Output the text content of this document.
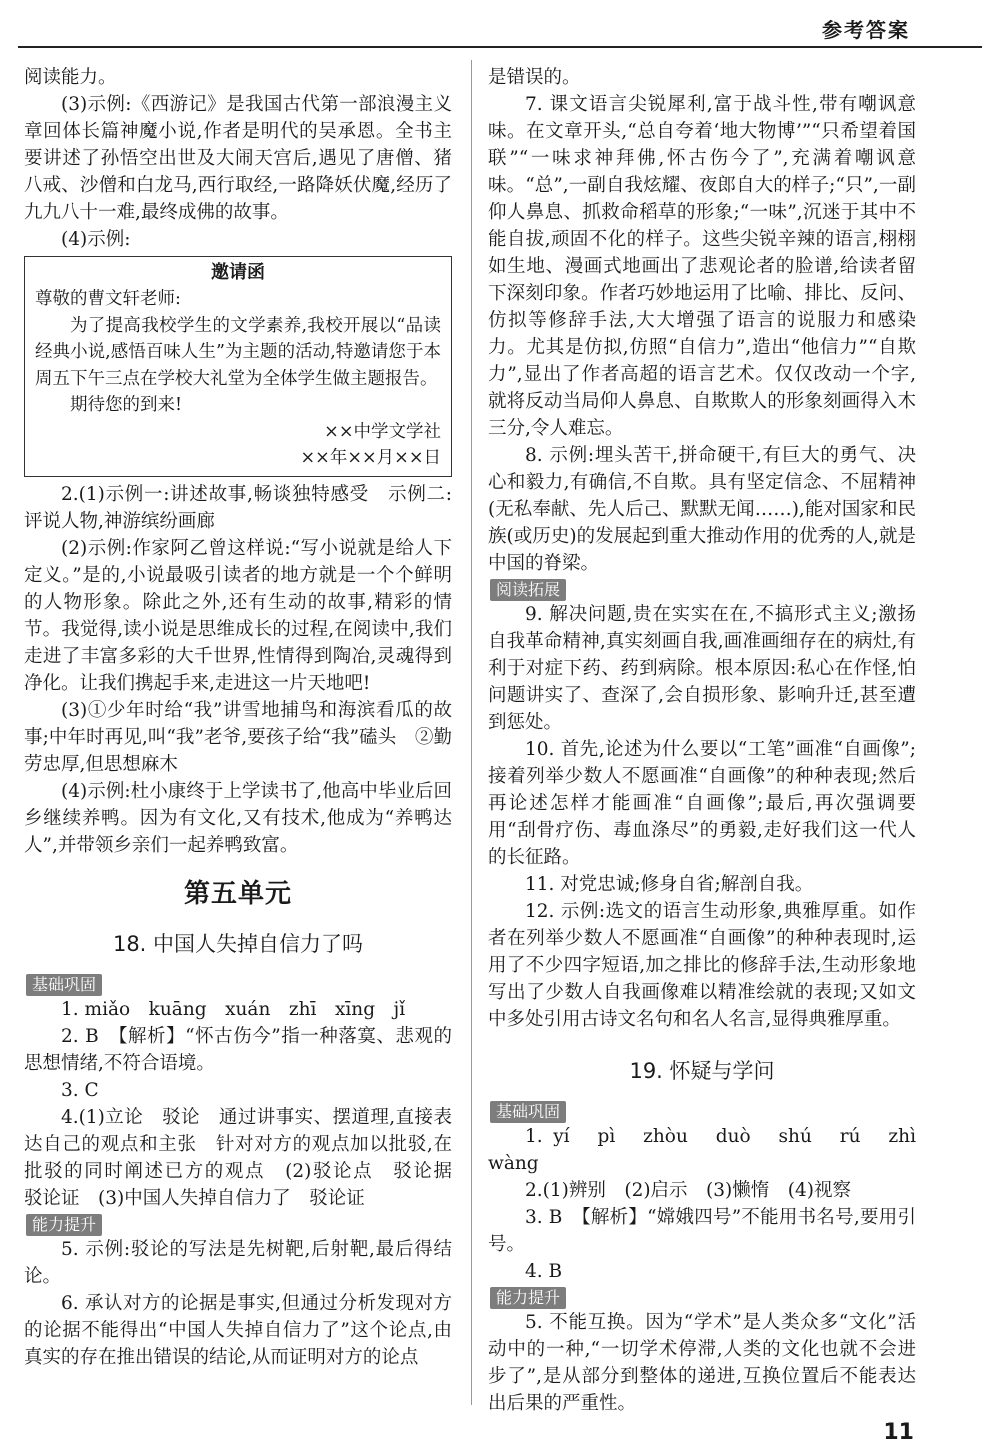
参考答案

阅读能力。

(3)示例:《西游记》是我国古代第一部浪漫主义章回体长篇神魔小说,作者是明代的吴承恩。全书主要讲述了孙悟空出世及大闹天宫后,遇见了唐僧、猪八戒、沙僧和白龙马,西行取经,一路降妖伏魔,经历了九九八十一难,最终成佛的故事。

(4)示例:

邀请函

尊敬的曹文轩老师:

为了提高我校学生的文学素养,我校开展以“品读经典小说,感悟百味人生”为主题的活动,特邀请您于本周五下午三点在学校大礼堂为全体学生做主题报告。

期待您的到来!

××中学文学社

××年××月××日

2.(1)示例一:讲述故事,畅谈独特感受　示例二:评说人物,神游缤纷画廊

(2)示例:作家阿乙曾这样说:“写小说就是给人下定义。”是的,小说最吸引读者的地方就是一个个鲜明的人物形象。除此之外,还有生动的故事,精彩的情节。我觉得,读小说是思维成长的过程,在阅读中,我们走进了丰富多彩的大千世界,性情得到陶冶,灵魂得到净化。让我们携起手来,走进这一片天地吧!

(3)①少年时给“我”讲雪地捕鸟和海滨看瓜的故事;中年时再见,叫“我”老爷,要孩子给“我”磕头　②勤劳忠厚,但思想麻木

(4)示例:杜小康终于上学读书了,他高中毕业后回乡继续养鸭。因为有文化,又有技术,他成为“养鸭达人”,并带领乡亲们一起养鸭致富。

第五单元
18. 中国人失掉自信力了吗
基础巩固

1. miǎo　kuāng　xuán　zhī　xīng　jǐ

2. B　【解析】“怀古伤今”指一种落寞、悲观的思想情绪,不符合语境。

3. C

4.(1)立论　驳论　通过讲事实、摆道理,直接表达自己的观点和主张　针对对方的观点加以批驳,在批驳的同时阐述已方的观点　(2)驳论点　驳论据　驳论证　(3)中国人失掉自信力了　驳论证

能力提升

5. 示例:驳论的写法是先树靶,后射靶,最后得结论。

6. 承认对方的论据是事实,但通过分析发现对方的论据不能得出“中国人失掉自信力了”这个论点,由真实的存在推出错误的结论,从而证明对方的论点

是错误的。

7. 课文语言尖锐犀利,富于战斗性,带有嘲讽意味。在文章开头,“总自夸着‘地大物博’”“只希望着国联”“一味求神拜佛,怀古伤今了”,充满着嘲讽意味。“总”,一副自我炫耀、夜郎自大的样子;“只”,一副仰人鼻息、抓救命稻草的形象;“一味”,沉迷于其中不能自拔,顽固不化的样子。这些尖锐辛辣的语言,栩栩如生地、漫画式地画出了悲观论者的脸谱,给读者留下深刻印象。作者巧妙地运用了比喻、排比、反问、仿拟等修辞手法,大大增强了语言的说服力和感染力。尤其是仿拟,仿照“自信力”,造出“他信力”“自欺力”,显出了作者高超的语言艺术。仅仅改动一个字,就将反动当局仰人鼻息、自欺欺人的形象刻画得入木三分,令人难忘。

8. 示例:埋头苦干,拼命硬干,有巨大的勇气、决心和毅力,有确信,不自欺。具有坚定信念、不屈精神(无私奉献、先人后己、默默无闻……),能对国家和民族(或历史)的发展起到重大推动作用的优秀的人,就是中国的脊梁。

阅读拓展

9. 解决问题,贵在实实在在,不搞形式主义;激扬自我革命精神,真实刻画自我,画准画细存在的病灶,有利于对症下药、药到病除。根本原因:私心在作怪,怕问题讲实了、查深了,会自损形象、影响升迁,甚至遭到惩处。

10. 首先,论述为什么要以“工笔”画准“自画像”;接着列举少数人不愿画准“自画像”的种种表现;然后再论述怎样才能画准“自画像”;最后,再次强调要用“刮骨疗伤、毒血涤尽”的勇毅,走好我们这一代人的长征路。

11. 对党忠诚;修身自省;解剖自我。

12. 示例:选文的语言生动形象,典雅厚重。如作者在列举少数人不愿画准“自画像”的种种表现时,运用了不少四字短语,加之排比的修辞手法,生动形象地写出了少数人自我画像难以精准绘就的表现;又如文中多处引用古诗文名句和名人名言,显得典雅厚重。

19. 怀疑与学问
基础巩固

1. yí　pì　zhòu　duò　shú　rú　zhì　wàng

2.(1)辨别　(2)启示　(3)懒惰　(4)视察

3. B　【解析】“嫦娥四号”不能用书名号,要用引号。

4. B

能力提升

5. 不能互换。因为“学术”是人类众多“文化”活动中的一种,“一切学术停滞,人类的文化也就不会进步了”,是从部分到整体的递进,互换位置后不能表达出后果的严重性。

11
